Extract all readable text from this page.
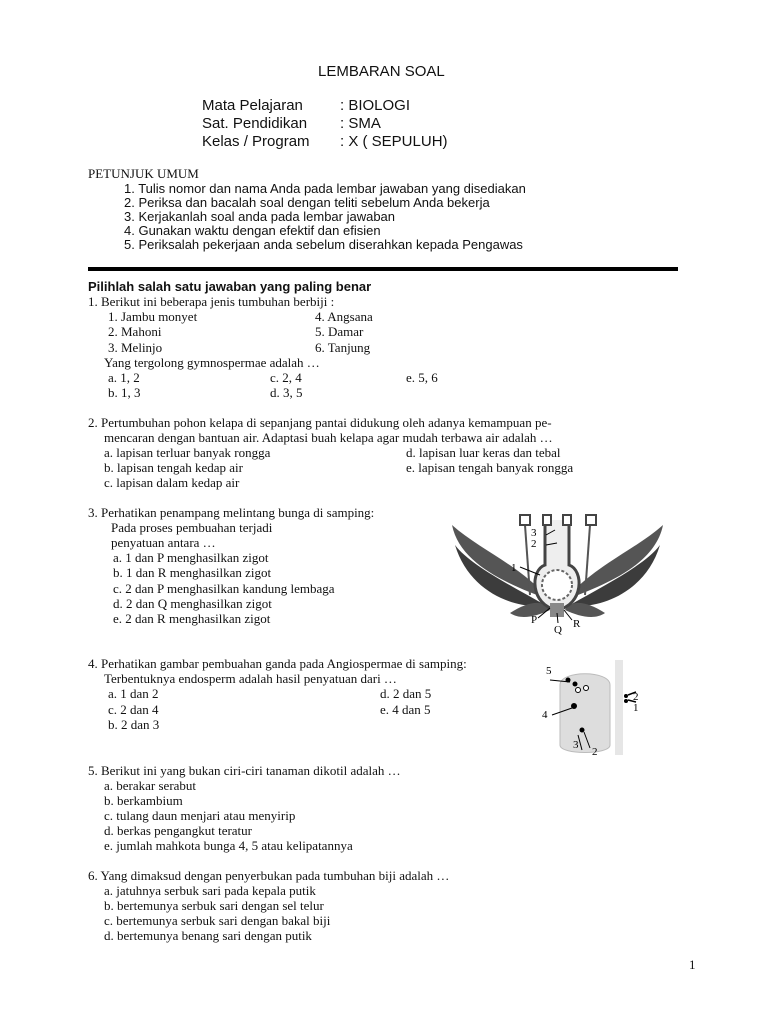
LEMBARAN SOAL
Mata Pelajaran : BIOLOGI
Sat. Pendidikan : SMA
Kelas / Program : X ( SEPULUH)
PETUNJUK UMUM
1. Tulis nomor dan nama Anda pada lembar jawaban yang disediakan
2. Periksa dan bacalah soal dengan teliti sebelum Anda bekerja
3. Kerjakanlah soal anda pada lembar jawaban
4. Gunakan waktu dengan efektif dan efisien
5. Periksalah pekerjaan anda sebelum diserahkan kepada Pengawas
Pilihlah salah satu jawaban yang paling benar
1. Berikut ini beberapa jenis tumbuhan berbiji :
1. Jambu monyet	4. Angsana
2. Mahoni	5. Damar
3. Melinjo	6. Tanjung
Yang tergolong gymnospermae adalah …
a. 1, 2	c. 2, 4	e. 5, 6
b. 1, 3	d. 3, 5
2. Pertumbuhan pohon kelapa di sepanjang pantai didukung oleh adanya kemampuan pe-
mencaran dengan bantuan air. Adaptasi buah kelapa agar mudah terbawa air adalah …
a. lapisan terluar banyak rongga	d. lapisan luar keras dan tebal
b. lapisan tengah kedap air	e. lapisan tengah banyak rongga
c. lapisan dalam kedap air
3. Perhatikan penampang melintang bunga di samping:
Pada proses pembuahan terjadi
penyatuan antara …
a. 1 dan P menghasilkan zigot
b. 1 dan R menghasilkan zigot
c. 2 dan P menghasilkan kandung lembaga
d. 2 dan Q menghasilkan zigot
e. 2 dan R menghasilkan zigot
3
2
1
P
Q R
4. Perhatikan gambar pembuahan ganda pada Angiospermae di samping:
Terbentuknya endosperm adalah hasil penyatuan dari …
a. 1 dan 2	d. 2 dan 5
c. 2 dan 4	e. 4 dan 5
b. 2 dan 3
5
2
1
4
3
2
5. Berikut ini yang bukan ciri-ciri tanaman dikotil adalah …
a. berakar serabut
b. berkambium
c. tulang daun menjari atau menyirip
d. berkas pengangkut teratur
e. jumlah mahkota bunga 4, 5 atau kelipatannya
6. Yang dimaksud dengan penyerbukan pada tumbuhan biji adalah …
a. jatuhnya serbuk sari pada kepala putik
b. bertemunya serbuk sari dengan sel telur
c. bertemunya serbuk sari dengan bakal biji
d. bertemunya benang sari dengan putik
1
